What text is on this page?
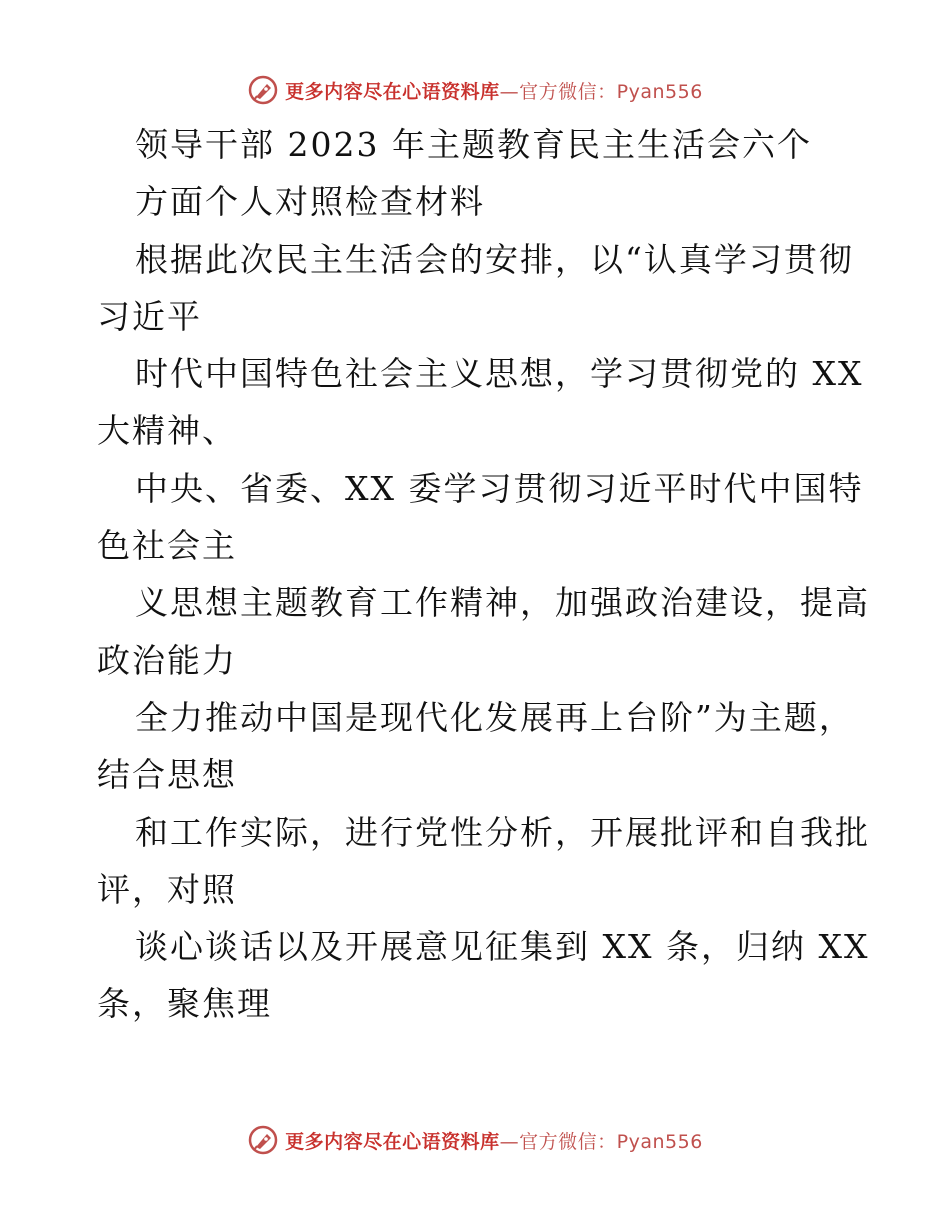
更多内容尽在心语资料库—官方微信：Pyan556
领导干部 2023 年主题教育民主生活会六个
方面个人对照检查材料
根据此次民主生活会的安排，以“认真学习贯彻
习近平
时代中国特色社会主义思想，学习贯彻党的 XX
大精神、
中央、省委、XX 委学习贯彻习近平时代中国特
色社会主
义思想主题教育工作精神，加强政治建设，提高
政治能力
全力推动中国是现代化发展再上台阶”为主题，
结合思想
和工作实际，进行党性分析，开展批评和自我批
评，对照
谈心谈话以及开展意见征集到 XX 条，归纳 XX
条，聚焦理
更多内容尽在心语资料库—官方微信：Pyan556
